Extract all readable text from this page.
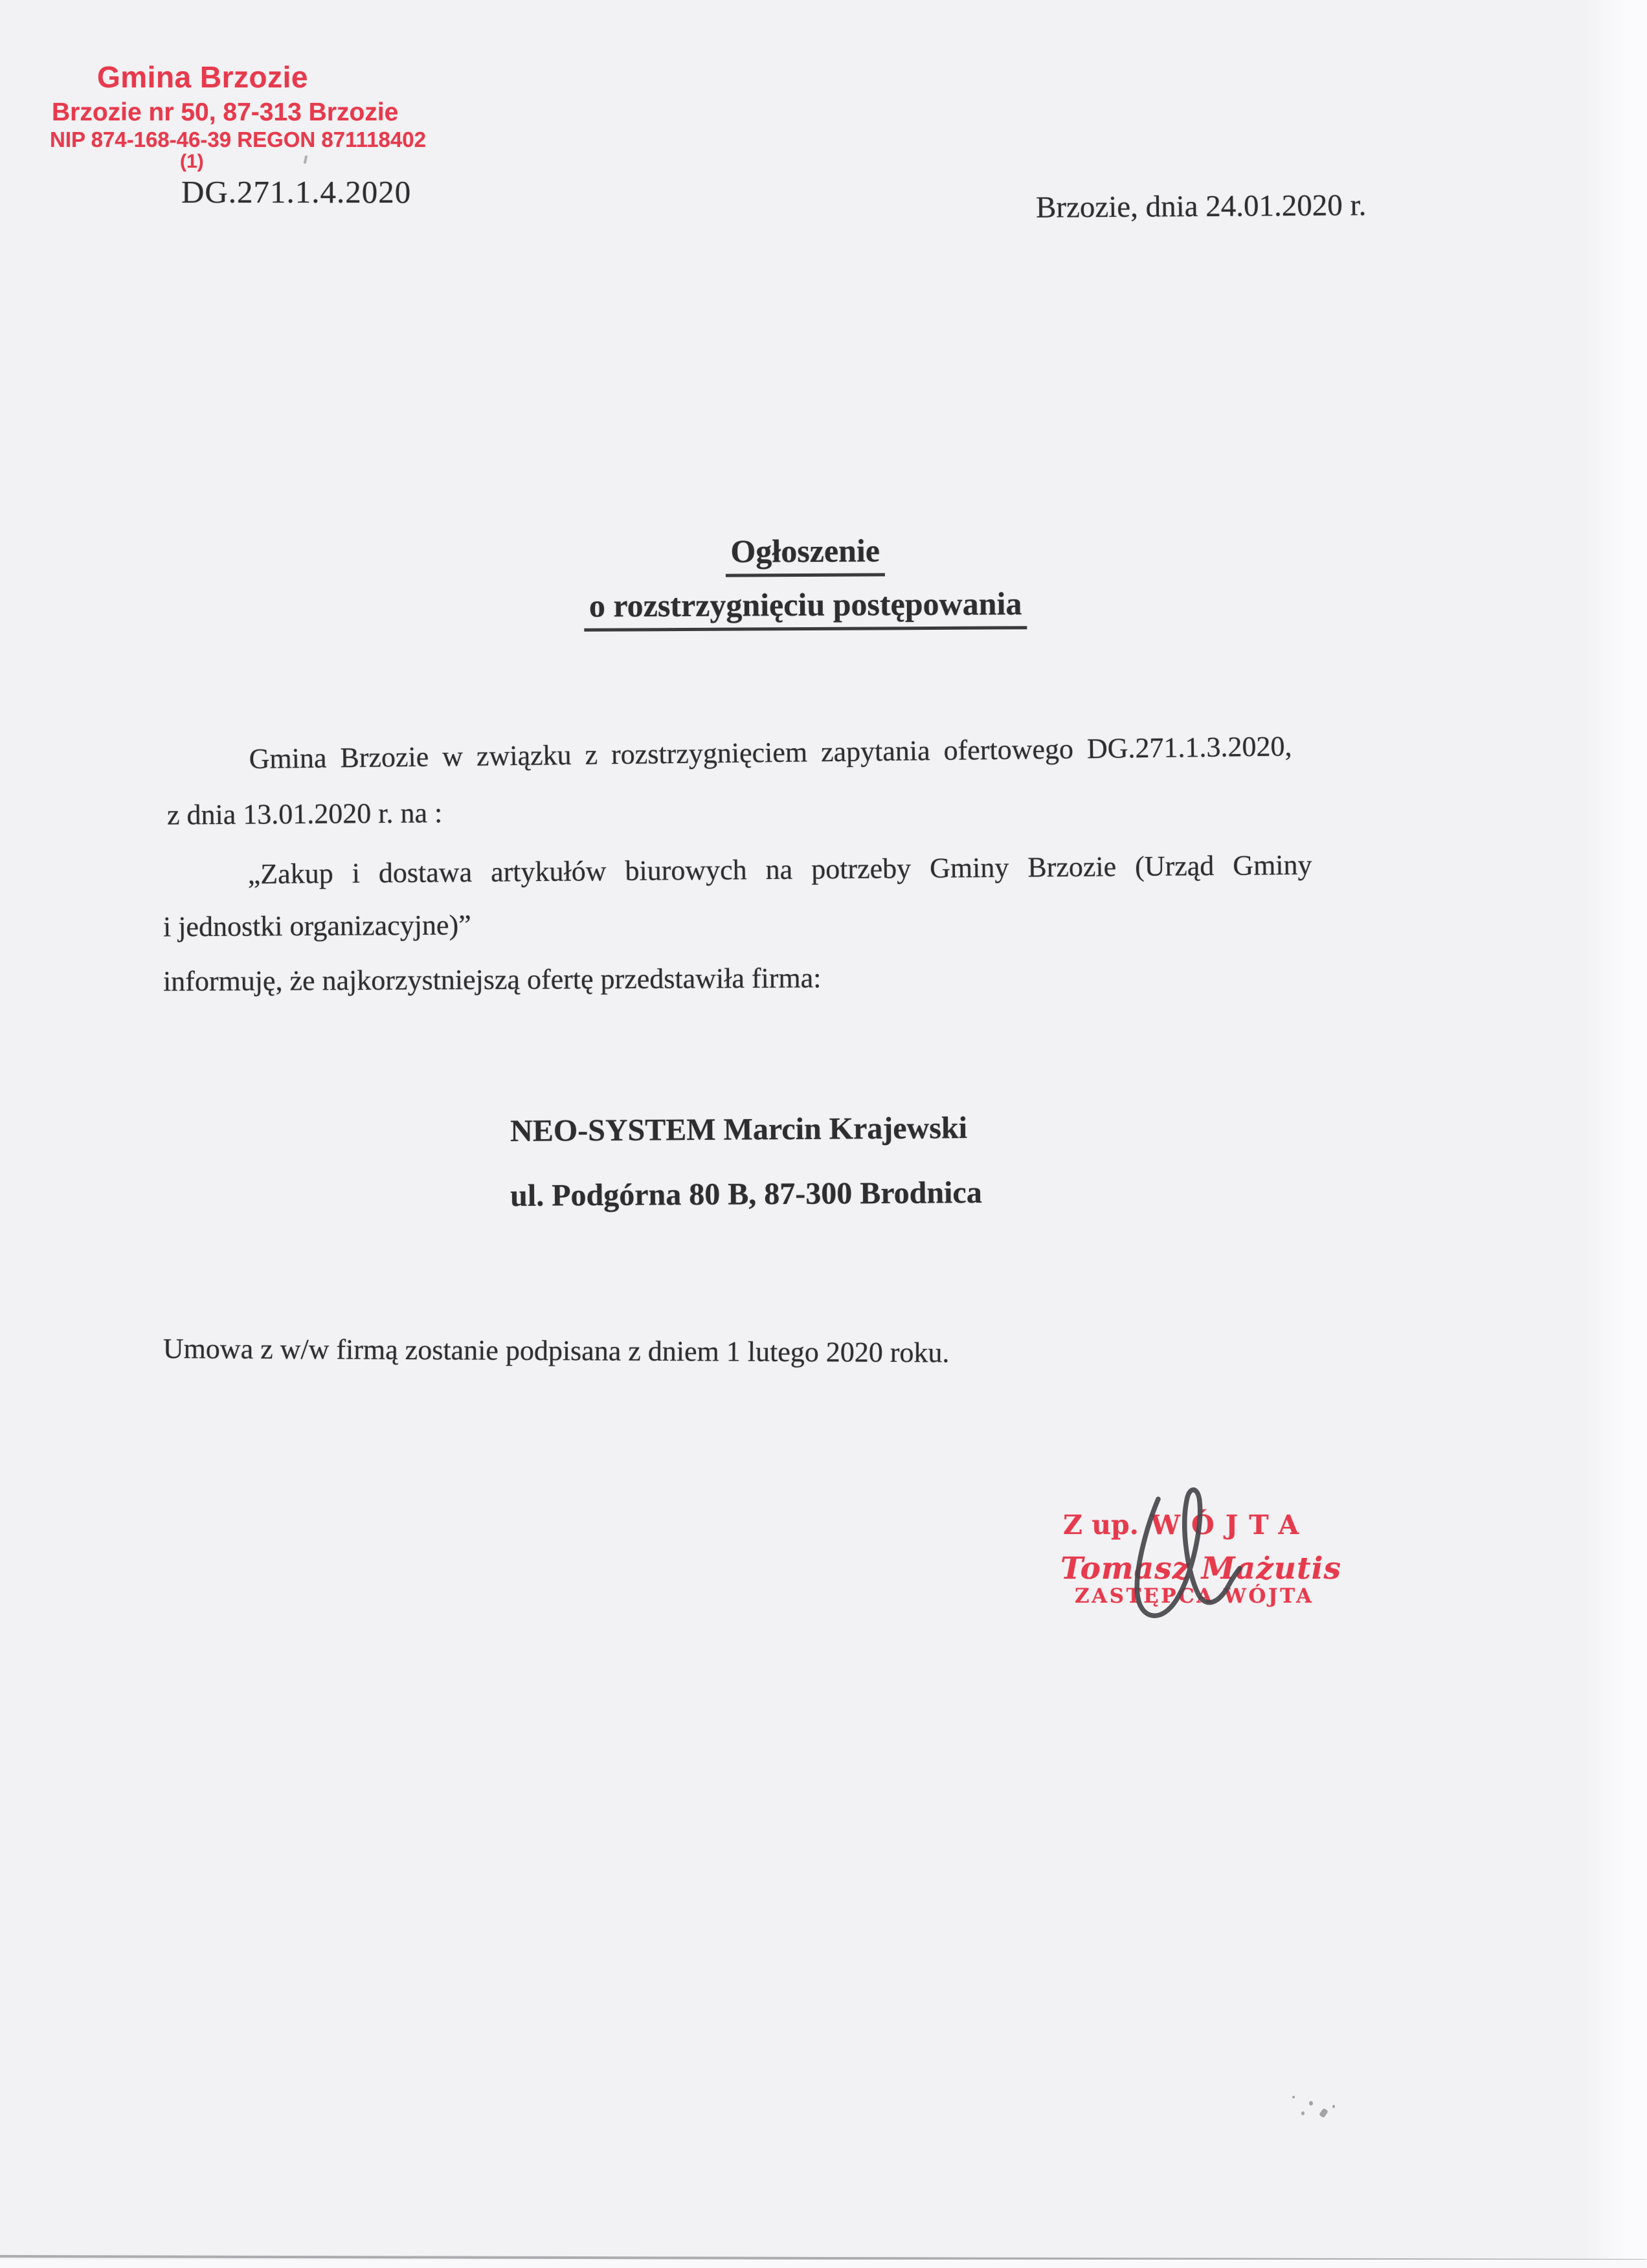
Gmina Brzozie
Brzozie nr 50, 87-313 Brzozie
NIP 874-168-46-39 REGON 871118402
(1)
DG.271.1.4.2020	Brzozie, dnia 24.01.2020 r.
Ogłoszenie
o rozstrzygnięciu postępowania
Gmina Brzozie w związku z rozstrzygnięciem zapytania ofertowego DG.271.1.3.2020,
z dnia 13.01.2020 r. na :
„Zakup i dostawa artykułów biurowych na potrzeby Gminy Brzozie (Urząd Gminy
i jednostki organizacyjne)”
informuję, że najkorzystniejszą ofertę przedstawiła firma:
NEO-SYSTEM Marcin Krajewski
ul. Podgórna 80 B, 87-300 Brodnica
Umowa z w/w firmą zostanie podpisana z dniem 1 lutego 2020 roku.
Z up. WÓJTA
Tomasz Mażutis
ZASTĘPCA WÓJTA
